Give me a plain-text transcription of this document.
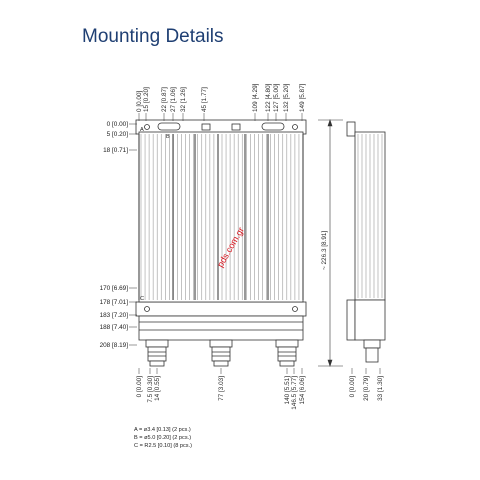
Mounting Details
A
B
C
~ 226.3 [8.91]
0 [0.00] 15 [0.20] 22 [0.87] 27 [1.06] 32 [1.26] 45 [1.77]	109 [4.29] 122 [4.80] 127 [5.00] 132 [5.20] 149 [5.87]
0 [0.00]
5 [0.20]
18 [0.71]
170 [6.69]
178 [7.01]
183 [7.20]
188 [7.40]
208 [8.19]
0 [0.00] 7.5 [0.30] 14 [0.55]	77 [3.03]	140 [5.51] 146.5 [5.77] 154 [6.06]	0 [0.00] 20 [0.79] 33 [1.30]
A = ø3.4 [0.13] (2 pcs.)
B = ø5.0 [0.20] (2 pcs.)
C = R2.5 [0.10] (8 pcs.)
pds.com.gr
